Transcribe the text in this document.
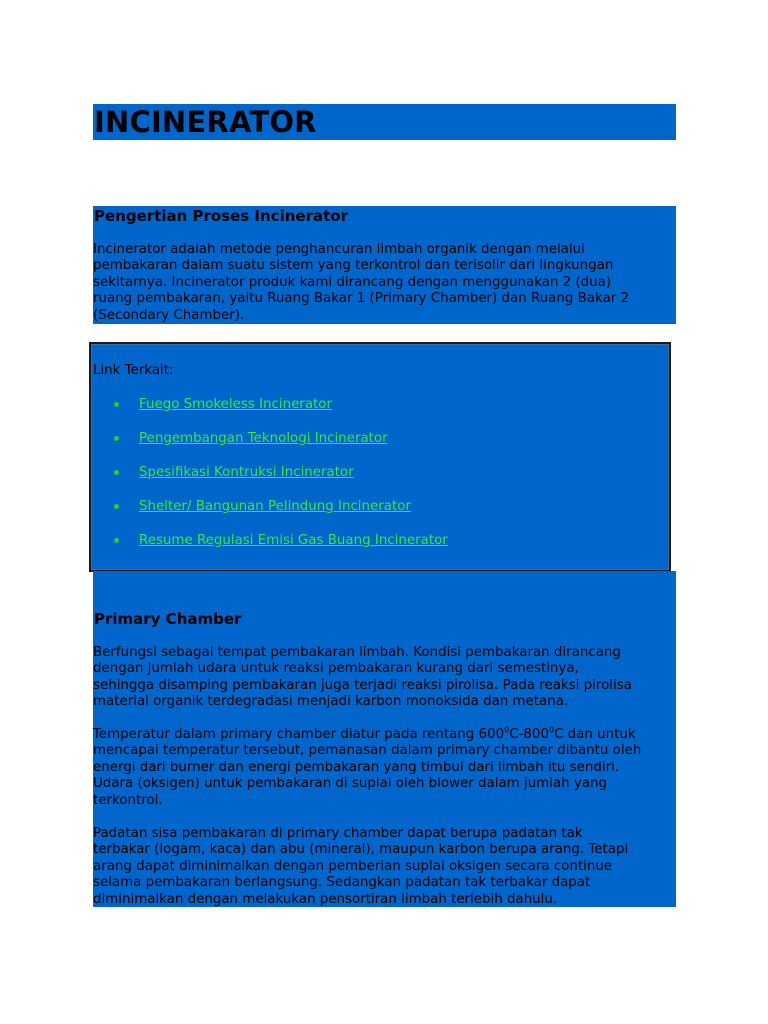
INCINERATOR
Pengertian Proses Incinerator

Incinerator adalah metode penghancuran limbah organik dengan melalui
pembakaran dalam suatu sistem yang terkontrol dan terisolir dari lingkungan
sekitarnya. Incinerator produk kami dirancang dengan menggunakan 2 (dua)
ruang pembakaran, yaitu Ruang Bakar 1 (Primary Chamber) dan Ruang Bakar 2
(Secondary Chamber).

Link Terkait:

Fuego Smokeless Incinerator
Pengembangan Teknologi Incinerator
Spesifikasi Kontruksi Incinerator
Shelter/ Bangunan Pelindung Incinerator
Resume Regulasi Emisi Gas Buang Incinerator
Primary Chamber

Berfungsi sebagai tempat pembakaran limbah. Kondisi pembakaran dirancang
dengan jumlah udara untuk reaksi pembakaran kurang dari semestinya,
sehingga disamping pembakaran juga terjadi reaksi pirolisa. Pada reaksi pirolisa
material organik terdegradasi menjadi karbon monoksida dan metana.

Temperatur dalam primary chamber diatur pada rentang $600^0C-800^0C$ dan untuk
mencapai temperatur tersebut, pemanasan dalam primary chamber dibantu oleh
energi dari burner dan energi pembakaran yang timbul dari limbah itu sendiri.
Udara (oksigen) untuk pembakaran di suplai oleh blower dalam jumlah yang
terkontrol.

Padatan sisa pembakaran di primary chamber dapat berupa padatan tak
terbakar (logam, kaca) dan abu (mineral), maupun karbon berupa arang. Tetapi
arang dapat diminimalkan dengan pemberian suplai oksigen secara continue
selama pembakaran berlangsung. Sedangkan padatan tak terbakar dapat
diminimalkan dengan melakukan pensortiran limbah terlebih dahulu.
